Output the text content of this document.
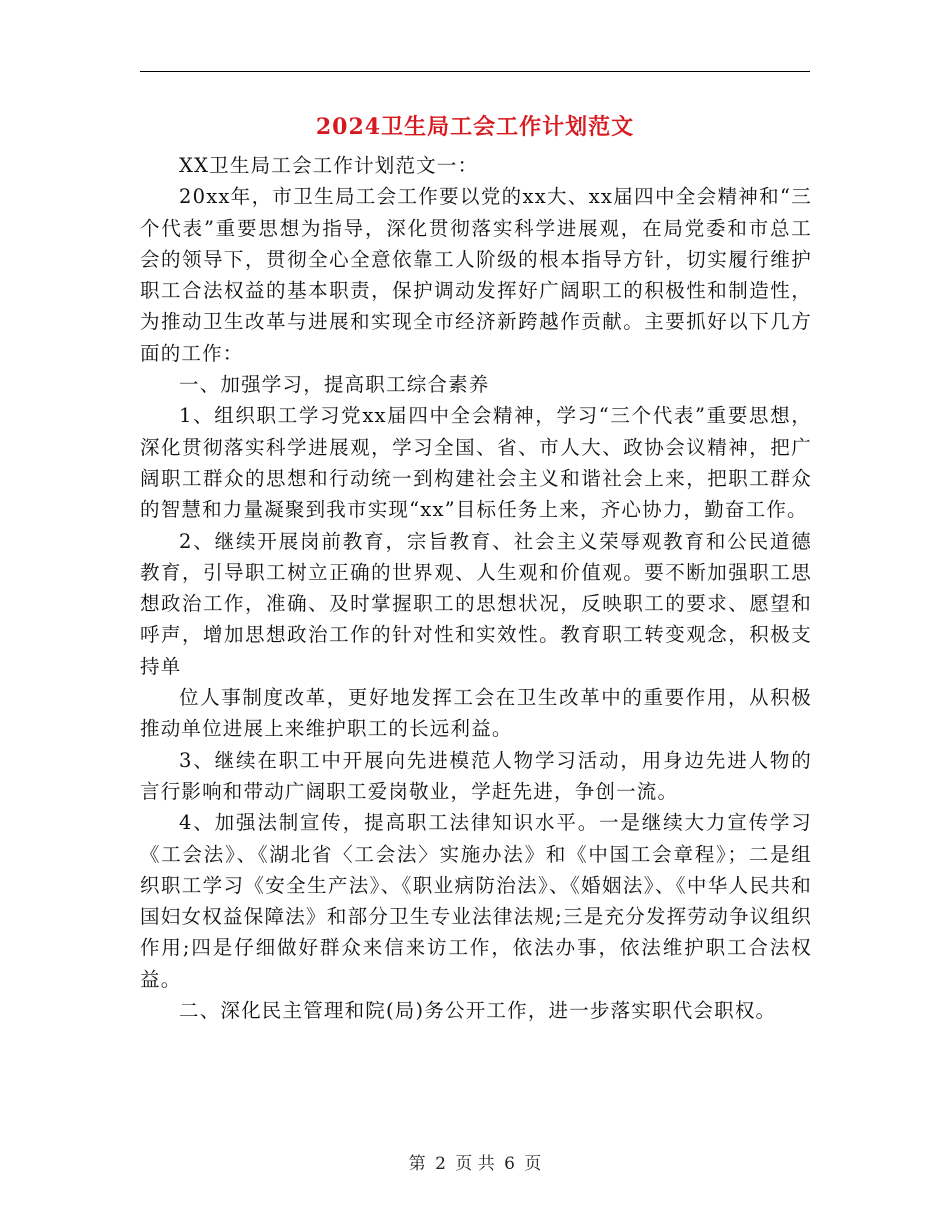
2024卫生局工会工作计划范文

XX卫生局工会工作计划范文一：

20xx年，市卫生局工会工作要以党的xx大、xx届四中全会精神和“三个代表”重要思想为指导，深化贯彻落实科学进展观，在局党委和市总工会的领导下，贯彻全心全意依靠工人阶级的根本指导方针，切实履行维护职工合法权益的基本职责，保护调动发挥好广阔职工的积极性和制造性，为推动卫生改革与进展和实现全市经济新跨越作贡献。主要抓好以下几方面的工作：

一、加强学习，提高职工综合素养

1、组织职工学习党xx届四中全会精神，学习“三个代表”重要思想，深化贯彻落实科学进展观，学习全国、省、市人大、政协会议精神，把广阔职工群众的思想和行动统一到构建社会主义和谐社会上来，把职工群众的智慧和力量凝聚到我市实现“xx”目标任务上来，齐心协力，勤奋工作。

2、继续开展岗前教育，宗旨教育、社会主义荣辱观教育和公民道德教育，引导职工树立正确的世界观、人生观和价值观。要不断加强职工思想政治工作，准确、及时掌握职工的思想状况，反映职工的要求、愿望和呼声，增加思想政治工作的针对性和实效性。教育职工转变观念，积极支持单

位人事制度改革，更好地发挥工会在卫生改革中的重要作用，从积极推动单位进展上来维护职工的长远利益。

3、继续在职工中开展向先进模范人物学习活动，用身边先进人物的言行影响和带动广阔职工爱岗敬业，学赶先进，争创一流。

4、加强法制宣传，提高职工法律知识水平。一是继续大力宣传学习《工会法》、《湖北省〈工会法〉实施办法》和《中国工会章程》；二是组织职工学习《安全生产法》、《职业病防治法》、《婚姻法》、《中华人民共和国妇女权益保障法》和部分卫生专业法律法规;三是充分发挥劳动争议组织作用;四是仔细做好群众来信来访工作，依法办事，依法维护职工合法权益。

二、深化民主管理和院(局)务公开工作，进一步落实职代会职权。

第 2 页 共 6 页
